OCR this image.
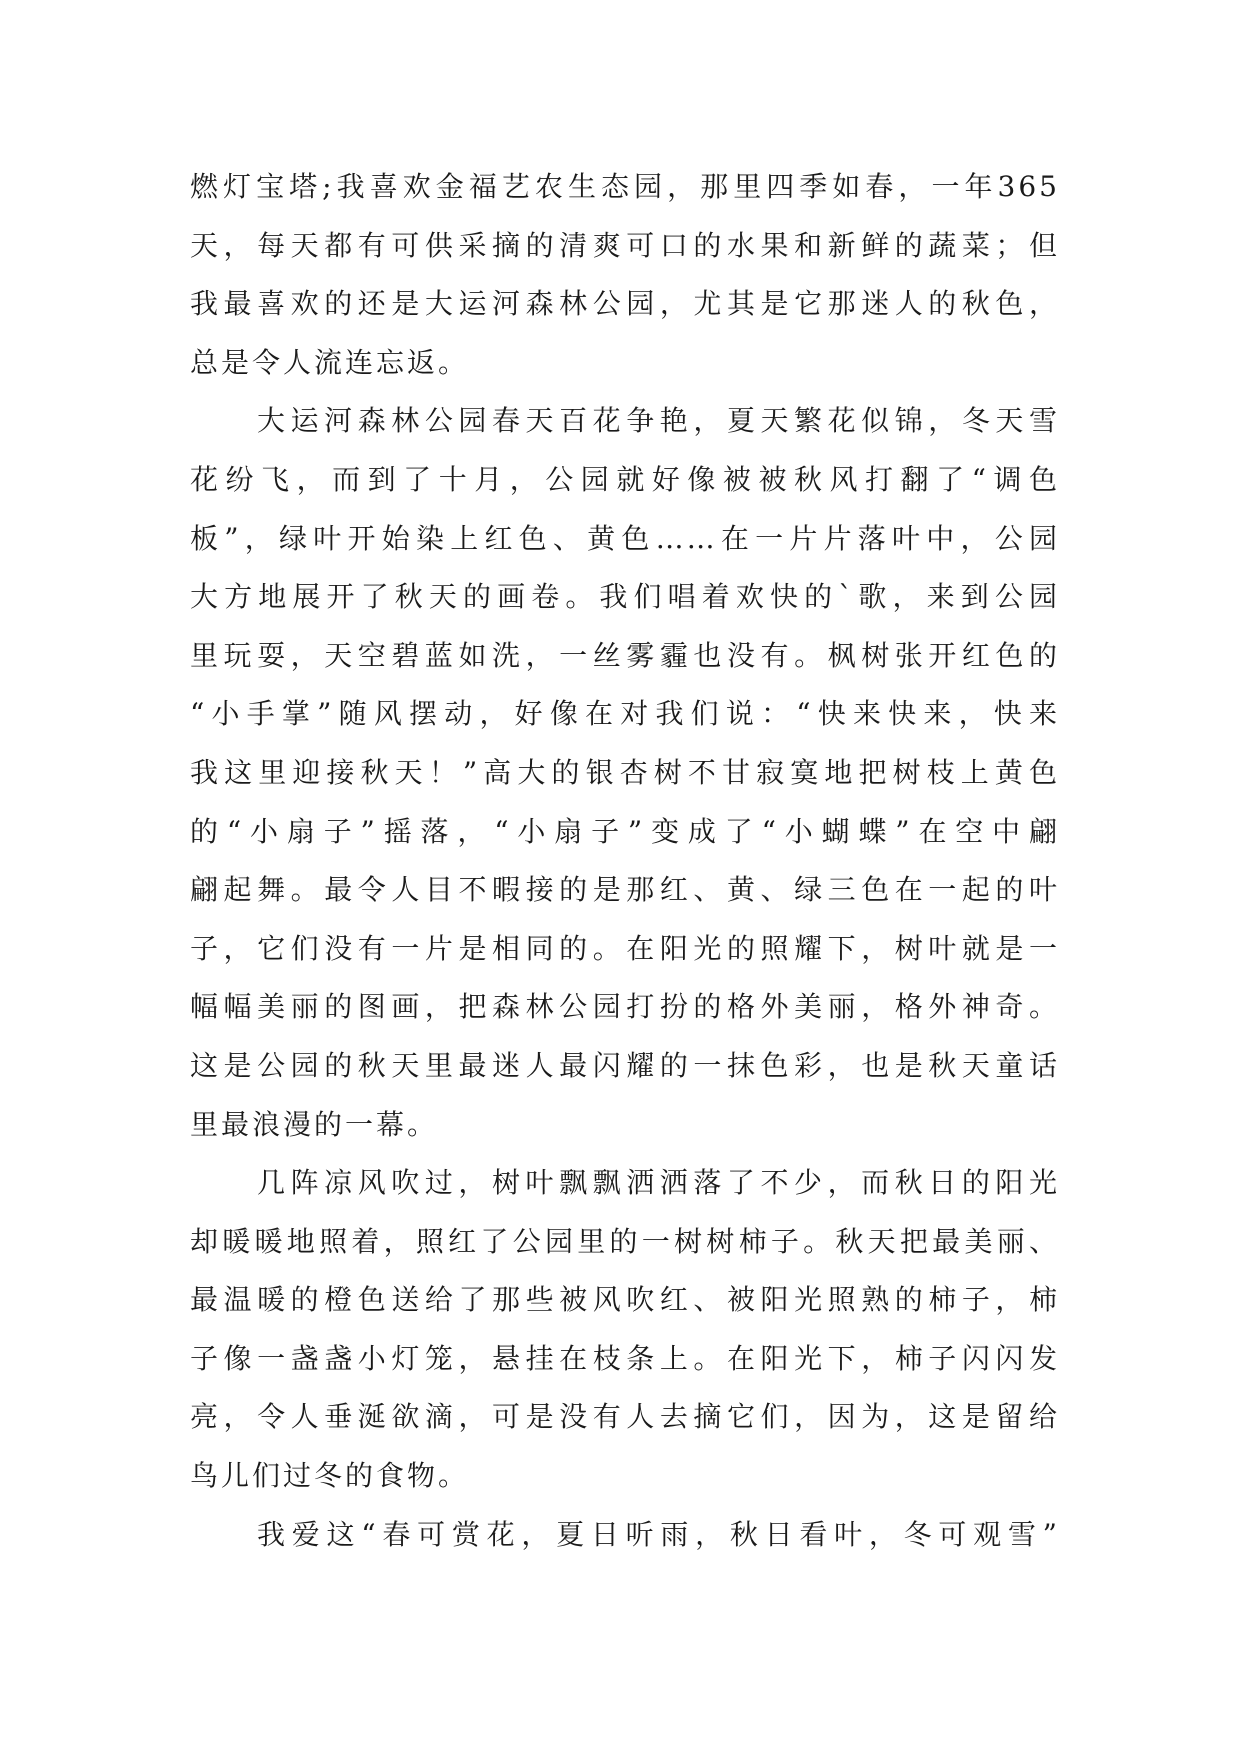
燃灯宝塔;我喜欢金福艺农生态园，那里四季如春，一年365
天，每天都有可供采摘的清爽可口的水果和新鲜的蔬菜；但
我最喜欢的还是大运河森林公园，尤其是它那迷人的秋色，
总是令人流连忘返。
大运河森林公园春天百花争艳，夏天繁花似锦，冬天雪
花纷飞，而到了十月，公园就好像被被秋风打翻了“调色
板”，绿叶开始染上红色、黄色……在一片片落叶中，公园
大方地展开了秋天的画卷。我们唱着欢快的`歌，来到公园
里玩耍，天空碧蓝如洗，一丝雾霾也没有。枫树张开红色的
“小手掌”随风摆动，好像在对我们说：“快来快来，快来
我这里迎接秋天！”高大的银杏树不甘寂寞地把树枝上黄色
的“小扇子”摇落，“小扇子”变成了“小蝴蝶”在空中翩
翩起舞。最令人目不暇接的是那红、黄、绿三色在一起的叶
子，它们没有一片是相同的。在阳光的照耀下，树叶就是一
幅幅美丽的图画，把森林公园打扮的格外美丽，格外神奇。
这是公园的秋天里最迷人最闪耀的一抹色彩，也是秋天童话
里最浪漫的一幕。
几阵凉风吹过，树叶飘飘洒洒落了不少，而秋日的阳光
却暖暖地照着，照红了公园里的一树树柿子。秋天把最美丽、
最温暖的橙色送给了那些被风吹红、被阳光照熟的柿子，柿
子像一盏盏小灯笼，悬挂在枝条上。在阳光下，柿子闪闪发
亮，令人垂涎欲滴，可是没有人去摘它们，因为，这是留给
鸟儿们过冬的食物。
我爱这“春可赏花，夏日听雨，秋日看叶，冬可观雪”
